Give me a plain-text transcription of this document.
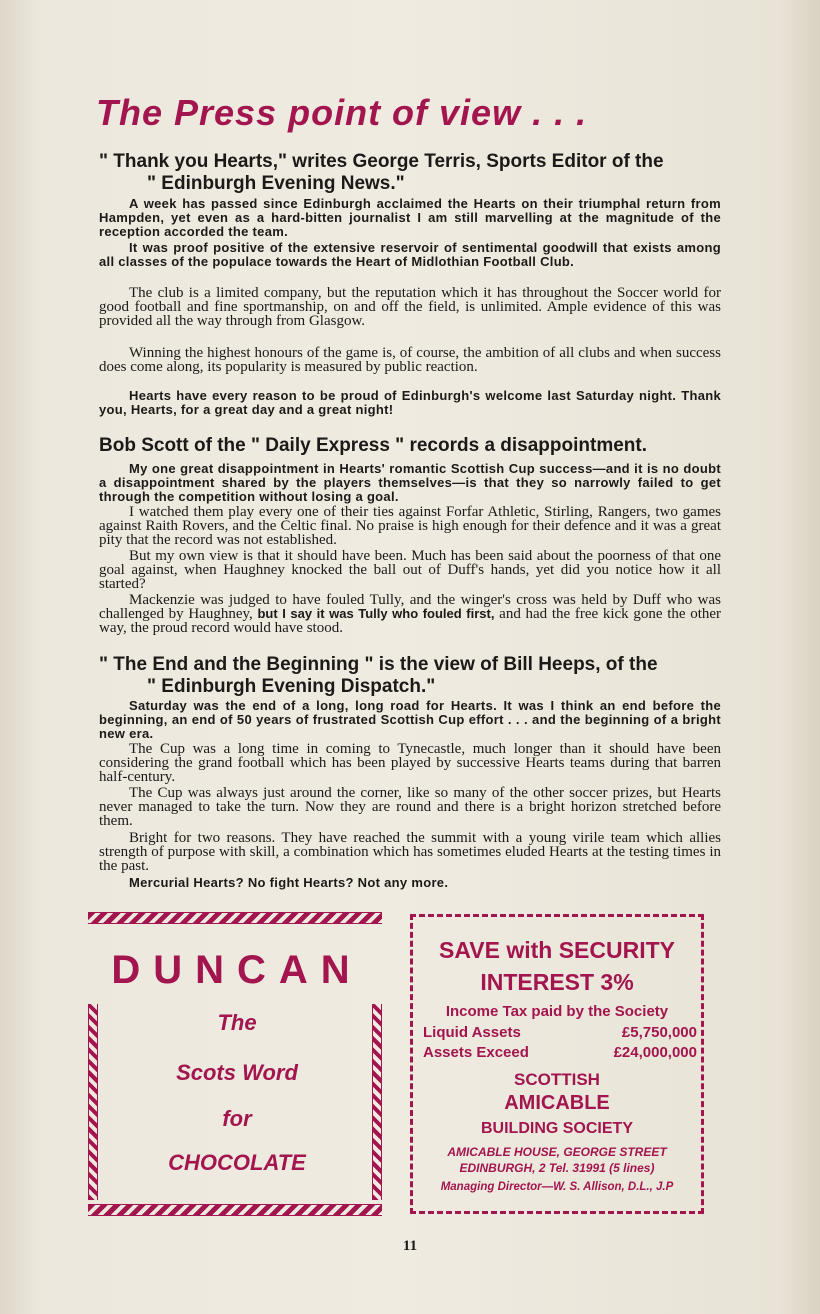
The Press point of view . . .
" Thank you Hearts," writes George Terris, Sports Editor of the
" Edinburgh Evening News."

A week has passed since Edinburgh acclaimed the Hearts on their triumphal return from Hampden, yet even as a hard-bitten journalist I am still marvelling at the magnitude of the reception accorded the team.

It was proof positive of the extensive reservoir of sentimental goodwill that exists among all classes of the populace towards the Heart of Midlothian Football Club.

The club is a limited company, but the reputation which it has throughout the Soccer world for good football and fine sportmanship, on and off the field, is unlimited. Ample evidence of this was provided all the way through from Glasgow.

Winning the highest honours of the game is, of course, the ambition of all clubs and when success does come along, its popularity is measured by public reaction.

Hearts have every reason to be proud of Edinburgh's welcome last Saturday night. Thank you, Hearts, for a great day and a great night!

Bob Scott of the " Daily Express " records a disappointment.

My one great disappointment in Hearts' romantic Scottish Cup success—and it is no doubt a disappointment shared by the players themselves—is that they so narrowly failed to get through the competition without losing a goal.

I watched them play every one of their ties against Forfar Athletic, Stirling, Rangers, two games against Raith Rovers, and the Celtic final. No praise is high enough for their defence and it was a great pity that the record was not established.

But my own view is that it should have been. Much has been said about the poorness of that one goal against, when Haughney knocked the ball out of Duff's hands, yet did you notice how it all started?

Mackenzie was judged to have fouled Tully, and the winger's cross was held by Duff who was challenged by Haughney, but I say it was Tully who fouled first, and had the free kick gone the other way, the proud record would have stood.

" The End and the Beginning " is the view of Bill Heeps, of the
" Edinburgh Evening Dispatch."

Saturday was the end of a long, long road for Hearts. It was I think an end before the beginning, an end of 50 years of frustrated Scottish Cup effort . . . and the beginning of a bright new era.

The Cup was a long time in coming to Tynecastle, much longer than it should have been considering the grand football which has been played by successive Hearts teams during that barren half-century.

The Cup was always just around the corner, like so many of the other soccer prizes, but Hearts never managed to take the turn. Now they are round and there is a bright horizon stretched before them.

Bright for two reasons. They have reached the summit with a young virile team which allies strength of purpose with skill, a combination which has sometimes eluded Hearts at the testing times in the past.

Mercurial Hearts? No fight Hearts? Not any more.

DUNCAN

The

Scots Word

for

CHOCOLATE

SAVE with SECURITY

INTEREST 3%

Income Tax paid by the Society

Liquid Assets	£5,750,000
Assets Exceed	£24,000,000

SCOTTISH

AMICABLE

BUILDING SOCIETY

AMICABLE HOUSE, GEORGE STREET

EDINBURGH, 2 Tel. 31991 (5 lines)

Managing Director—W. S. Allison, D.L., J.P

11
